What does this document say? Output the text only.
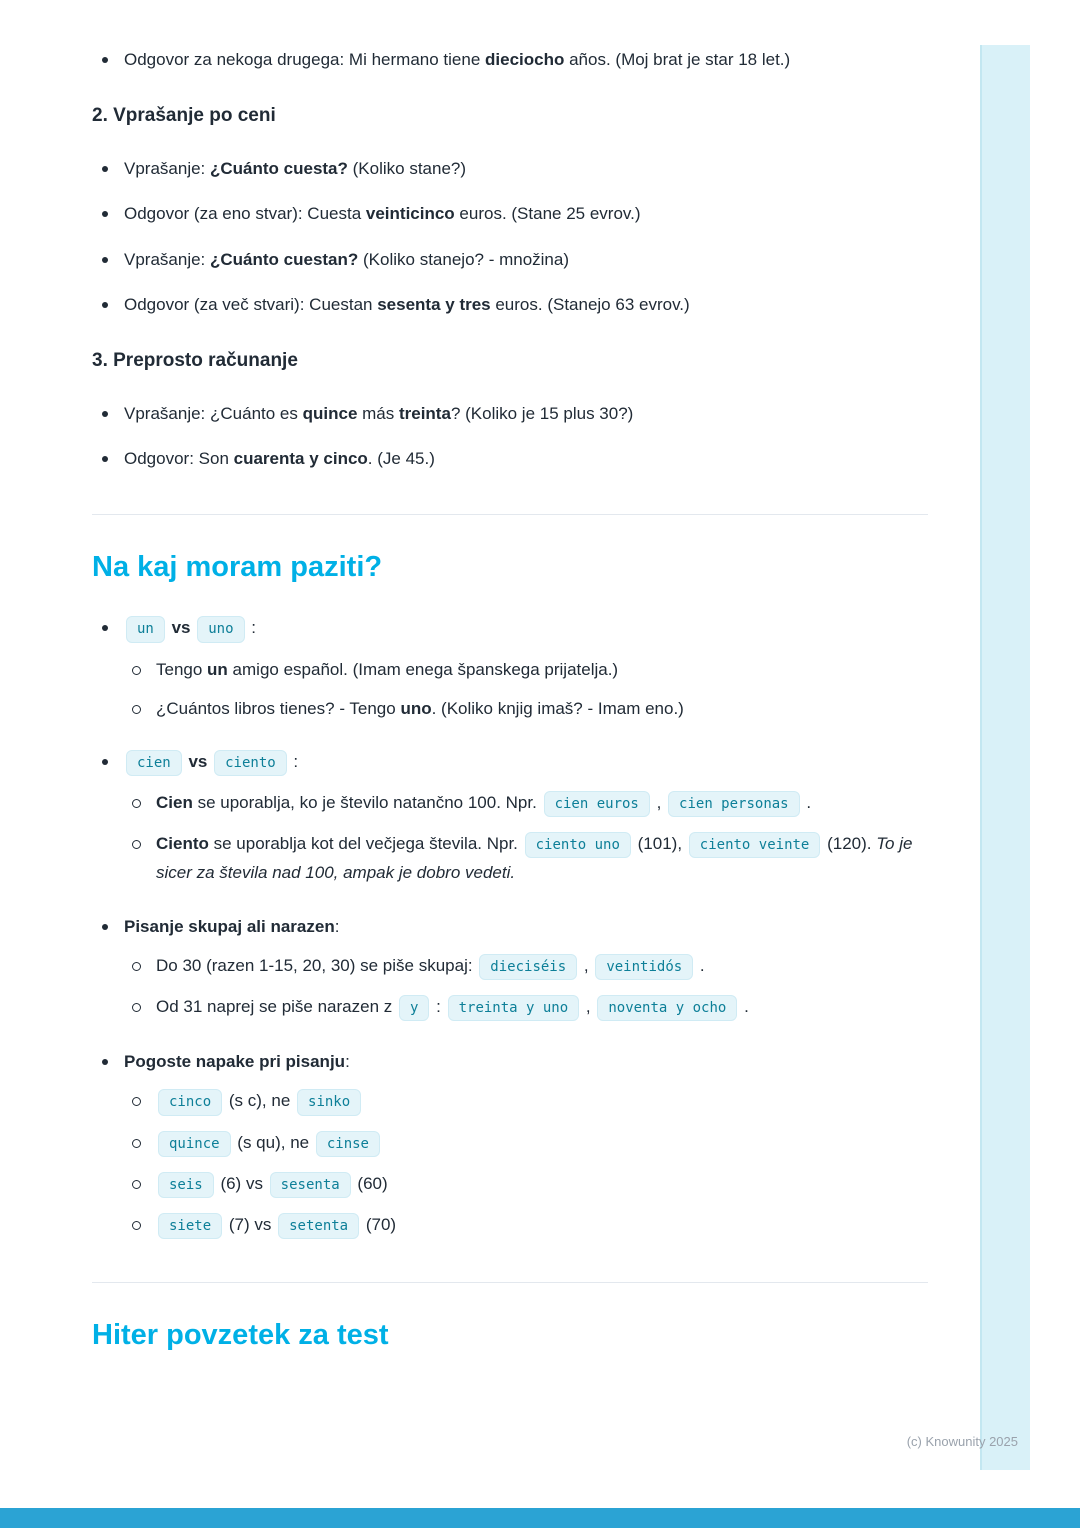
Odgovor za nekoga drugega: Mi hermano tiene dieciocho años. (Moj brat je star 18 let.)
2. Vprašanje po ceni
Vprašanje: ¿Cuánto cuesta? (Koliko stane?)
Odgovor (za eno stvar): Cuesta veinticinco euros. (Stane 25 evrov.)
Vprašanje: ¿Cuánto cuestan? (Koliko stanejo? - množina)
Odgovor (za več stvari): Cuestan sesenta y tres euros. (Stanejo 63 evrov.)
3. Preprosto računanje
Vprašanje: ¿Cuánto es quince más treinta? (Koliko je 15 plus 30?)
Odgovor: Son cuarenta y cinco. (Je 45.)
Na kaj moram paziti?
un vs uno :
Tengo un amigo español. (Imam enega španskega prijatelja.)
¿Cuántos libros tienes? - Tengo uno. (Koliko knjig imaš? - Imam eno.)
cien vs ciento :
Cien se uporablja, ko je število natančno 100. Npr. cien euros , cien personas .
Ciento se uporablja kot del večjega števila. Npr. ciento uno (101), ciento veinte (120). To je sicer za števila nad 100, ampak je dobro vedeti.
Pisanje skupaj ali narazen:
Do 30 (razen 1-15, 20, 30) se piše skupaj: dieciséis , veintidós .
Od 31 naprej se piše narazen z y : treinta y uno , noventa y ocho .
Pogoste napake pri pisanju:
cinco (s c), ne sinko
quince (s qu), ne cinse
seis (6) vs sesenta (60)
siete (7) vs setenta (70)
Hiter povzetek za test
(c) Knowunity 2025
